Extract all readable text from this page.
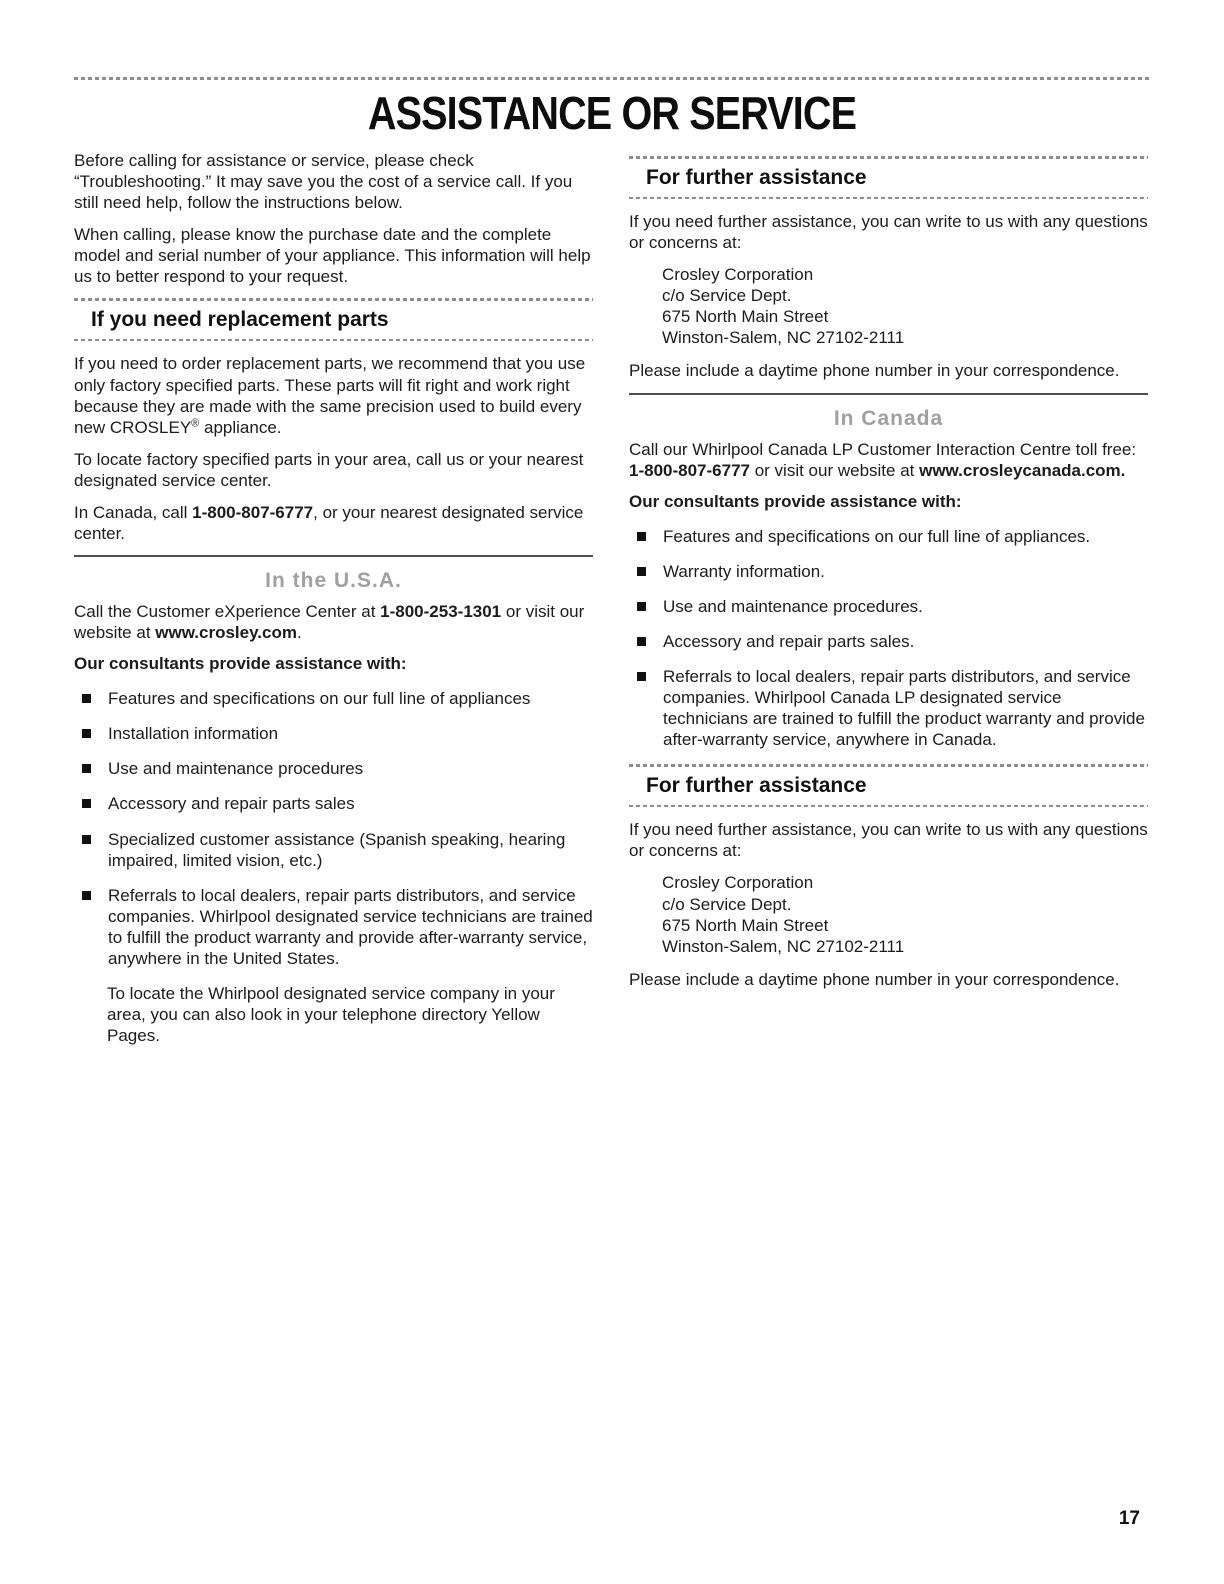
ASSISTANCE OR SERVICE

Before calling for assistance or service, please check “Troubleshooting.” It may save you the cost of a service call. If you still need help, follow the instructions below.

When calling, please know the purchase date and the complete model and serial number of your appliance. This information will help us to better respond to your request.

If you need replacement parts

If you need to order replacement parts, we recommend that you use only factory specified parts. These parts will fit right and work right because they are made with the same precision used to build every new CROSLEY® appliance.

To locate factory specified parts in your area, call us or your nearest designated service center.

In Canada, call 1-800-807-6777, or your nearest designated service center.

In the U.S.A.

Call the Customer eXperience Center at 1-800-253-1301 or visit our website at www.crosley.com.

Our consultants provide assistance with:
Features and specifications on our full line of appliances
Installation information
Use and maintenance procedures
Accessory and repair parts sales
Specialized customer assistance (Spanish speaking, hearing impaired, limited vision, etc.)
Referrals to local dealers, repair parts distributors, and service companies. Whirlpool designated service technicians are trained to fulfill the product warranty and provide after-warranty service, anywhere in the United States.

To locate the Whirlpool designated service company in your area, you can also look in your telephone directory Yellow Pages.

For further assistance

If you need further assistance, you can write to us with any questions or concerns at:

Crosley Corporation
c/o Service Dept.
675 North Main Street
Winston-Salem, NC 27102-2111

Please include a daytime phone number in your correspondence.

In Canada

Call our Whirlpool Canada LP Customer Interaction Centre toll free: 1-800-807-6777 or visit our website at www.crosleycanada.com.

Our consultants provide assistance with:
Features and specifications on our full line of appliances.
Warranty information.
Use and maintenance procedures.
Accessory and repair parts sales.
Referrals to local dealers, repair parts distributors, and service companies. Whirlpool Canada LP designated service technicians are trained to fulfill the product warranty and provide after-warranty service, anywhere in Canada.
For further assistance

If you need further assistance, you can write to us with any questions or concerns at:

Crosley Corporation
c/o Service Dept.
675 North Main Street
Winston-Salem, NC 27102-2111

Please include a daytime phone number in your correspondence.

17
